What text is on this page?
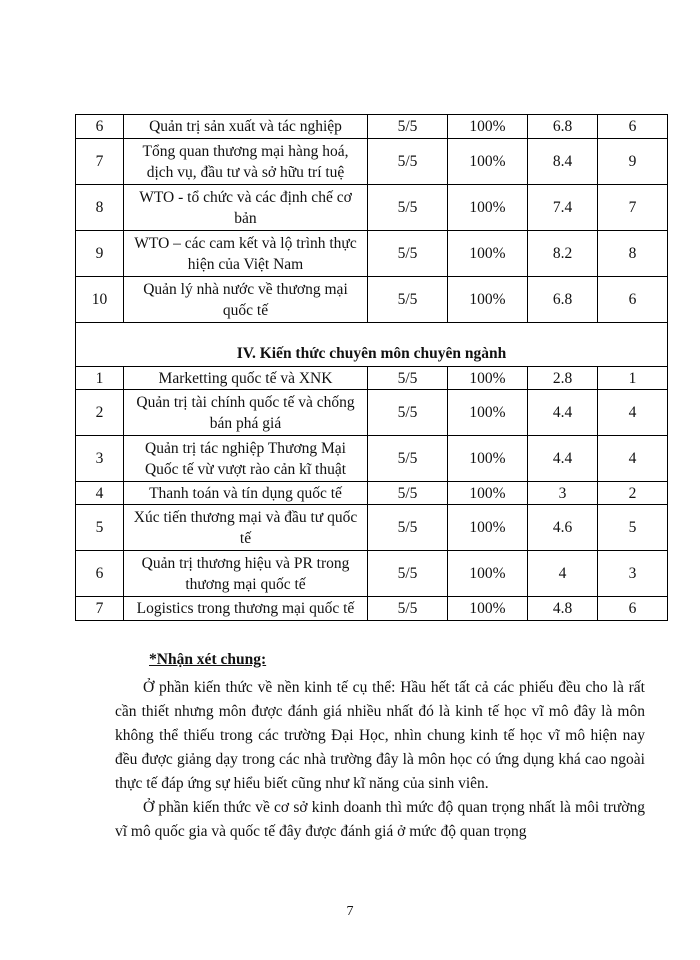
6	Quản trị sản xuất và tác nghiệp	5/5	100%	6.8	6
7	Tổng quan thương mại hàng hoá, dịch vụ, đầu tư và sở hữu trí tuệ	5/5	100%	8.4	9
8	WTO - tổ chức và các định chế cơ bản	5/5	100%	7.4	7
9	WTO – các cam kết và lộ trình thực hiện của Việt Nam	5/5	100%	8.2	8
10	Quản lý nhà nước về thương mại quốc tế	5/5	100%	6.8	6
IV. Kiến thức chuyên môn chuyên ngành					
1	Marketting quốc tế và XNK	5/5	100%	2.8	1
2	Quản trị tài chính quốc tế và chống bán phá giá	5/5	100%	4.4	4
3	Quản trị tác nghiệp Thương Mại Quốc tế vừ vượt rào cản kĩ thuật	5/5	100%	4.4	4
4	Thanh toán và tín dụng quốc tế	5/5	100%	3	2
5	Xúc tiến thương mại và đầu tư quốc tế	5/5	100%	4.6	5
6	Quản trị thương hiệu và PR trong thương mại quốc tế	5/5	100%	4	3
7	Logistics trong thương mại quốc tế	5/5	100%	4.8	6
*Nhận xét chung:

Ở phần kiến thức về nền kinh tế cụ thể: Hầu hết tất cả các phiếu đều cho là rất cần thiết nhưng môn được đánh giá nhiều nhất đó là kinh tế học vĩ mô đây là môn không thể thiếu trong các trường Đại Học, nhìn chung kinh tế học vĩ mô hiện nay đều được giảng dạy trong các nhà trường đây là môn học có ứng dụng khá cao ngoài thực tế đáp ứng sự hiểu biết cũng như kĩ năng của sinh viên.

Ở phần kiến thức về cơ sở kinh doanh thì mức độ quan trọng nhất là môi trường vĩ mô quốc gia và quốc tế đây được đánh giá ở mức độ quan trọng

7
